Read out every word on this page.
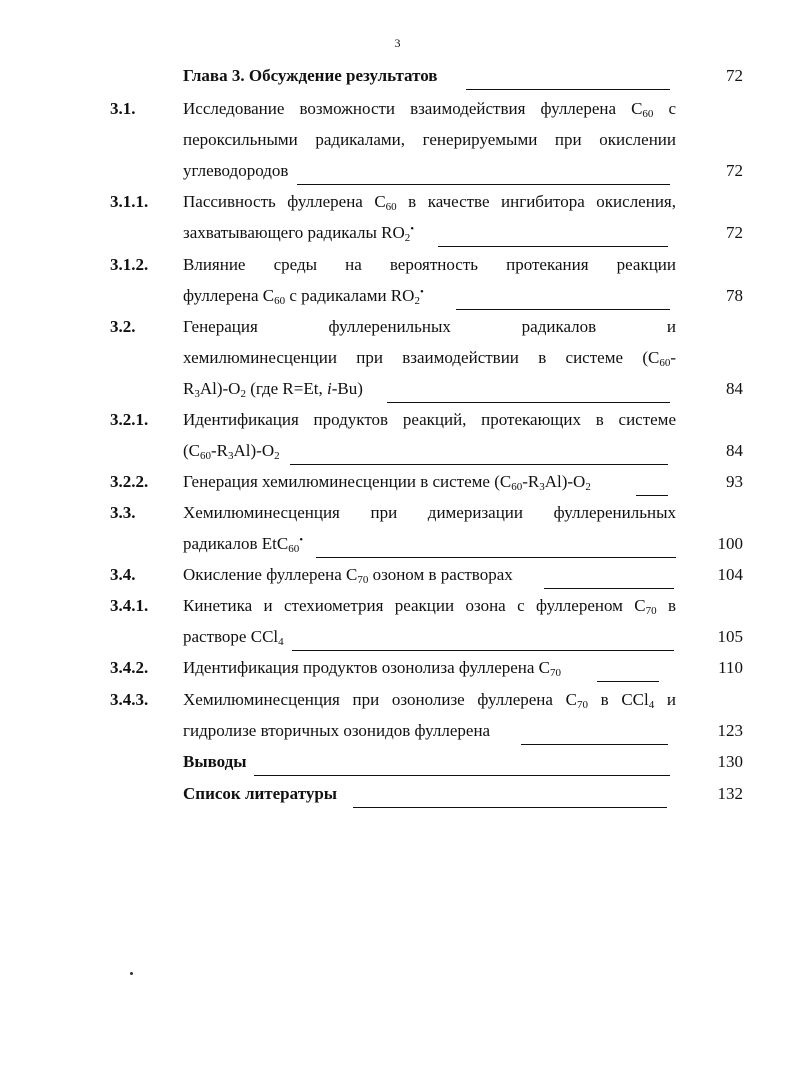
3
Глава 3. Обсуждение результатов	72
3.1.	Исследование возможности взаимодействия фуллерена $C_{60}$ с
пероксильными радикалами, генерируемыми при окислении
углеводородов	72
3.1.1. Пассивность фуллерена $C_{60}$ в качестве ингибитора окисления,
захватывающего радикалы $RO_2^•$	72
3.1.2. Влияние среды на вероятность протекания реакции
фуллерена $C_{60}$ с радикалами $RO_2^•$	78
3.2.	Генерация фуллеренильных радикалов и
хемилюминесценции при взаимодействии в системе ($C_{60}-$
$R_3Al)-O_2$ (где R=Et, i-Bu)	84
3.2.1. Идентификация продуктов реакций, протекающих в системе
$(C_{60}-R_3Al)-O_2$	84
3.2.2. Генерация хемилюминесценции в системе $(C_{60}-R_3Al)-O_2$	93
3.3.	Хемилюминесценция при димеризации фуллеренильных
радикалов EtC$_{60}$•	100
3.4.	Окисление фуллерена $C_{70}$ озоном в растворах	104
3.4.1. Кинетика и стехиометрия реакции озона с фуллереном $C_{70}$ в
растворе CCl$_4$	105
3.4.2. Идентификация продуктов озонолиза фуллерена $C_{70}$	110
3.4.3. Хемилюминесценция при озонолизе фуллерена $C_{70}$ в CCl$_4$ и
гидролизе вторичных озонидов фуллерена	123
Выводы	130
Список литературы	132
